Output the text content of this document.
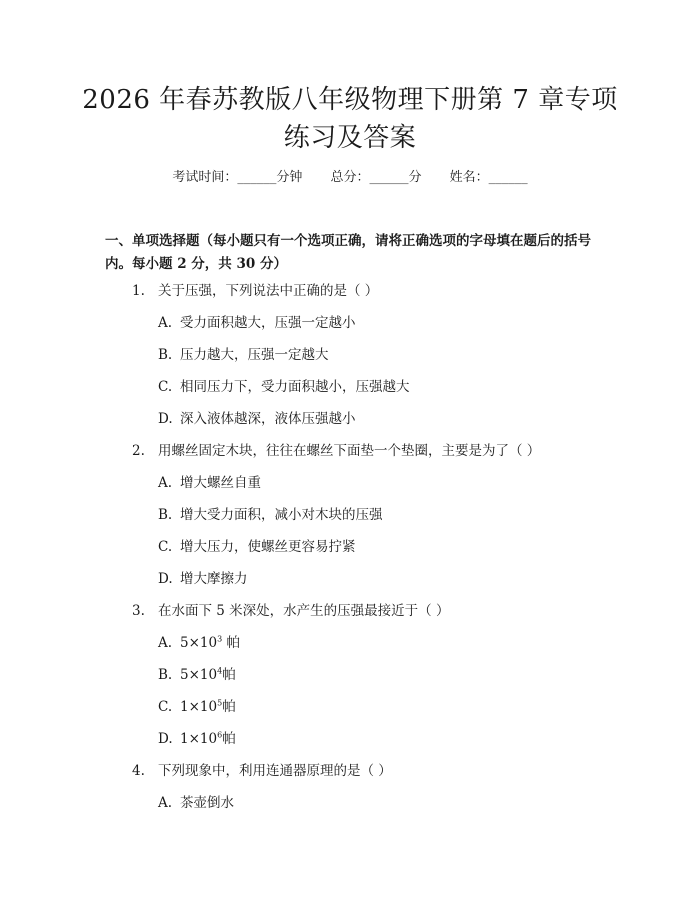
2026 年春苏教版八年级物理下册第 7 章专项
练习及答案
考试时间：______分钟 总分：______分 姓名：______
一、单项选择题（每小题只有一个选项正确，请将正确选项的字母填在题后的括号内。每小题 2 分，共 30 分）
1. 关于压强，下列说法中正确的是（ ）
A. 受力面积越大，压强一定越小
B. 压力越大，压强一定越大
C. 相同压力下，受力面积越小，压强越大
D. 深入液体越深，液体压强越小
2. 用螺丝固定木块，往往在螺丝下面垫一个垫圈，主要是为了（ ）
A. 增大螺丝自重
B. 增大受力面积，减小对木块的压强
C. 增大压力，使螺丝更容易拧紧
D. 增大摩擦力
3. 在水面下 5 米深处，水产生的压强最接近于（ ）
A. $5\times 10^3$ 帕
B. $5\times 10^4$帕
C. $1\times 10^5$帕
D. $1\times 10^6$帕
4. 下列现象中，利用连通器原理的是（ ）
A. 茶壶倒水
